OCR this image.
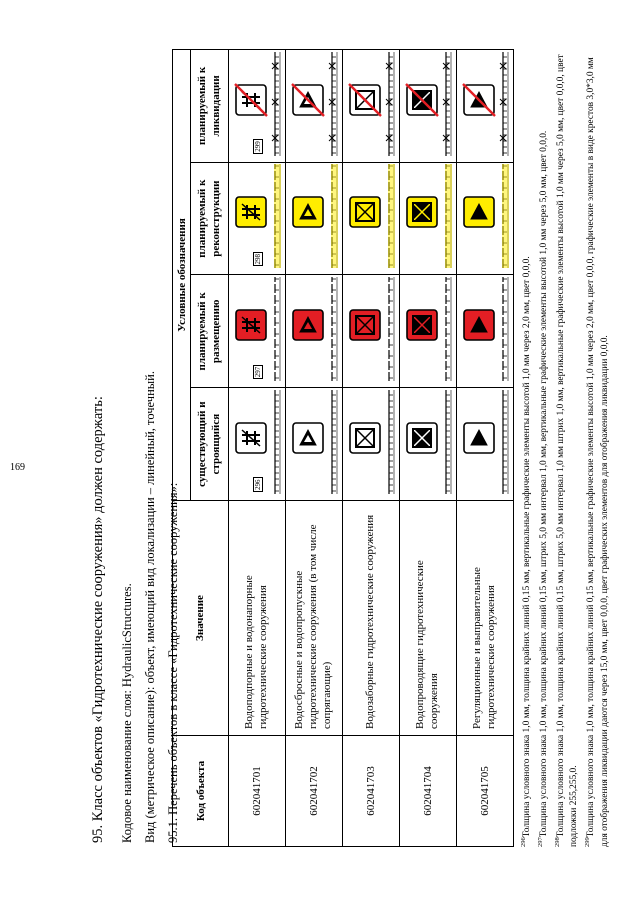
169	95. Класс объектов «Гидротехнические сооружения» должен содержать: Кодовое наименование слоя: HydraulicStructures. Вид (метрическое описание): объект, имеющий вид локализации – линейный, точечный. 95.1. Перечень объектов в классе «Гидротехнические сооружения»: Код объекта	Значение	Условные обозначения			
		существующий и строящийся	планируемый к размещению	планируемый к реконструкции	планируемый к ликвидации
602041701	Водоподпорные и водонапорные гидротехнические сооружения	296	297	298	299

602041702	Водосбросные и водопропускные гидротехнические сооружения (в том числе сопрягающие)	

602041703	Водозаборные гидротехнические сооружения	

602041704	Водопроводящие гидротехнические сооружения	

602041705	Регуляционные и выправительные гидротехнические сооружения	

$^{296}$Толщина условного знака 1,0 мм, толщина крайних линий 0,15 мм, вертикальные графические элементы высотой 1,0 мм через 2,0 мм, цвет 0,0,0.

$^{297}$Толщина условного знака 1,0 мм, толщина крайних линий 0,15 мм, штрих 5,0 мм интервал 1,0 мм, вертикальные графические элементы высотой 1,0 мм через 5,0 мм, цвет 0,0,0.

$^{298}$Толщина условного знака 1,0 мм, толщина крайних линий 0,15 мм, штрих 5,0 мм интервал 1,0 мм штрих 1,0 мм, вертикальные графические элементы высотой 1,0 мм через 5,0 мм, цвет 0,0,0, цвет подложки 255,255,0. $^{299}$Толщина условного знака 1,0 мм, толщина крайних линий 0,15 мм, вертикальные графические элементы высотой 1,0 мм через 2,0 мм, цвет 0,0,0, графические элементы в виде крестов 3,0*3,0 мм для отображения ликвидации даются через 15,0 мм, цвет 0,0,0, цвет графических элементов для отображения ликвидации 0,0,0.
